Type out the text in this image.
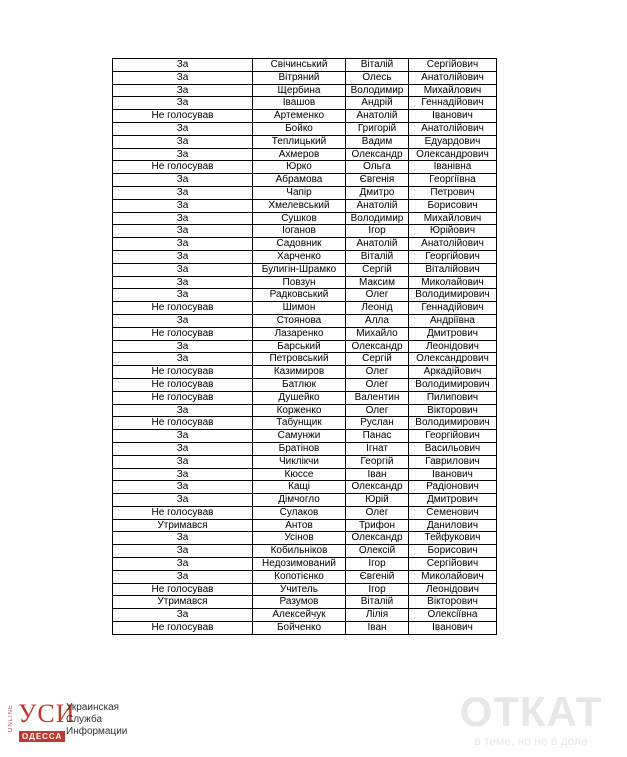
За	Свічинський	Віталій	Сергійович
За	Вітряний	Олесь	Анатолійович
За	Щербина	Володимир	Михайлович
За	Івашов	Андрій	Геннадійович
Не голосував	Артеменко	Анатолій	Іванович
За	Бойко	Григорій	Анатолійович
За	Теплицький	Вадим	Едуардович
За	Ахмеров	Олександр	Олександрович
Не голосував	Юрко	Ольга	Іванівна
За	Абрамова	Євгенія	Георгіївна
За	Чапір	Дмитро	Петрович
За	Хмелевський	Анатолій	Борисович
За	Сушков	Володимир	Михайлович
За	Іоганов	Ігор	Юрійович
За	Садовник	Анатолій	Анатолійович
За	Харченко	Віталій	Георгійович
За	Булигін-Шрамко	Сергій	Віталійович
За	Повзун	Максим	Миколайович
За	Радковський	Олег	Володимирович
Не голосував	Шимон	Леонід	Геннадійович
За	Стоянова	Алла	Андріївна
Не голосував	Лазаренко	Михайло	Дмитрович
За	Барський	Олександр	Леонідович
За	Петровський	Сергій	Олександрович
Не голосував	Казимиров	Олег	Аркадійович
Не голосував	Батлюк	Олег	Володимирович
Не голосував	Душейко	Валентин	Пилипович
За	Корженко	Олег	Вікторович
Не голосував	Табунщик	Руслан	Володимирович
За	Самунжи	Панас	Георгійович
За	Братінов	Ігнат	Васильович
За	Чиклікчи	Георгій	Гаврилович
За	Кюссе	Іван	Іванович
За	Кащі	Олександр	Радіонович
За	Дімчогло	Юрій	Дмитрович
Не голосував	Сулаков	Олег	Семенович
Утримався	Антов	Трифон	Данилович
За	Усінов	Олександр	Тейфукович
За	Кобильніков	Олексій	Борисович
За	Недозимований	Ігор	Сергійович
За	Копотієнко	Євгеній	Миколайович
Не голосував	Учитель	Ігор	Леонідович
Утримався	Разумов	Віталій	Вікторович
За	Алексейчук	Лілія	Олексіївна
Не голосував	Бойченко	Іван	Іванович
ONLINE УСИ
ОДЕССА
Украинская
Служба
Информации	ОТКАТ
в теме, но не в доле
